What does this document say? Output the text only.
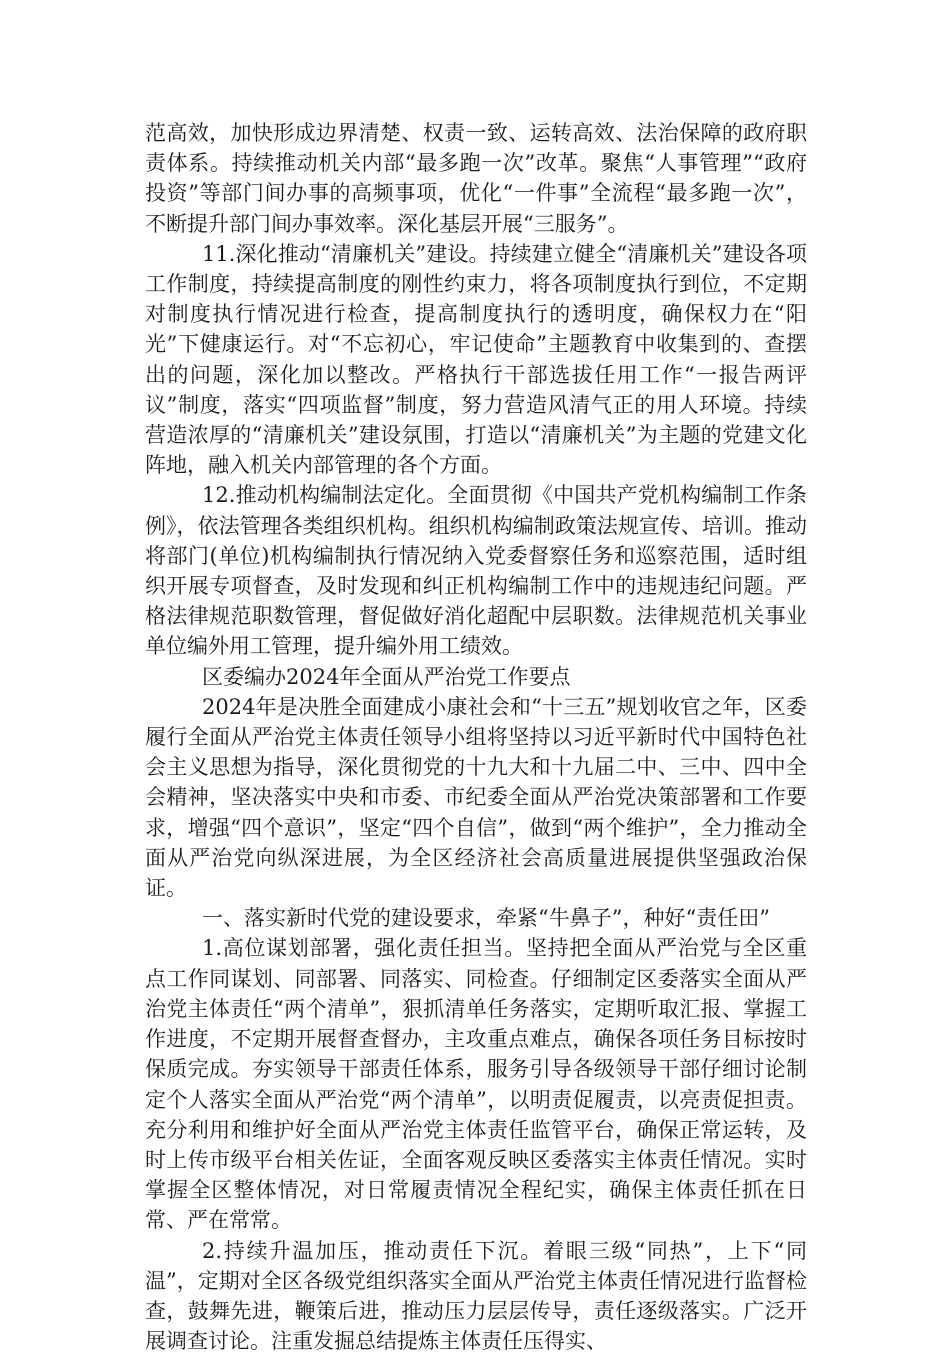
范高效，加快形成边界清楚、权责一致、运转高效、法治保障的政府职责体系。持续推动机关内部“最多跑一次”改革。聚焦“人事管理”“政府投资”等部门间办事的高频事项，优化“一件事”全流程“最多跑一次”，不断提升部门间办事效率。深化基层开展“三服务”。

11.深化推动“清廉机关”建设。持续建立健全“清廉机关”建设各项工作制度，持续提高制度的刚性约束力，将各项制度执行到位，不定期对制度执行情况进行检查，提高制度执行的透明度，确保权力在“阳光”下健康运行。对“不忘初心，牢记使命”主题教育中收集到的、查摆出的问题，深化加以整改。严格执行干部选拔任用工作“一报告两评议”制度，落实“四项监督”制度，努力营造风清气正的用人环境。持续营造浓厚的“清廉机关”建设氛围，打造以“清廉机关”为主题的党建文化阵地，融入机关内部管理的各个方面。

12.推动机构编制法定化。全面贯彻《中国共产党机构编制工作条例》，依法管理各类组织机构。组织机构编制政策法规宣传、培训。推动将部门(单位)机构编制执行情况纳入党委督察任务和巡察范围，适时组织开展专项督查，及时发现和纠正机构编制工作中的违规违纪问题。严格法律规范职数管理，督促做好消化超配中层职数。法律规范机关事业单位编外用工管理，提升编外用工绩效。

区委编办2024年全面从严治党工作要点

2024年是决胜全面建成小康社会和“十三五”规划收官之年，区委履行全面从严治党主体责任领导小组将坚持以习近平新时代中国特色社会主义思想为指导，深化贯彻党的十九大和十九届二中、三中、四中全会精神，坚决落实中央和市委、市纪委全面从严治党决策部署和工作要求，增强“四个意识”，坚定“四个自信”，做到“两个维护”，全力推动全面从严治党向纵深进展，为全区经济社会高质量进展提供坚强政治保证。

一、落实新时代党的建设要求，牵紧“牛鼻子”，种好“责任田”

1.高位谋划部署，强化责任担当。坚持把全面从严治党与全区重点工作同谋划、同部署、同落实、同检查。仔细制定区委落实全面从严治党主体责任“两个清单”，狠抓清单任务落实，定期听取汇报、掌握工作进度，不定期开展督查督办，主攻重点难点，确保各项任务目标按时保质完成。夯实领导干部责任体系，服务引导各级领导干部仔细讨论制定个人落实全面从严治党“两个清单”，以明责促履责，以亮责促担责。充分利用和维护好全面从严治党主体责任监管平台，确保正常运转，及时上传市级平台相关佐证，全面客观反映区委落实主体责任情况。实时掌握全区整体情况，对日常履责情况全程纪实，确保主体责任抓在日常、严在常常。

2.持续升温加压，推动责任下沉。着眼三级“同热”，上下“同温”，定期对全区各级党组织落实全面从严治党主体责任情况进行监督检查，鼓舞先进，鞭策后进，推动压力层层传导，责任逐级落实。广泛开展调查讨论。注重发掘总结提炼主体责任压得实、
